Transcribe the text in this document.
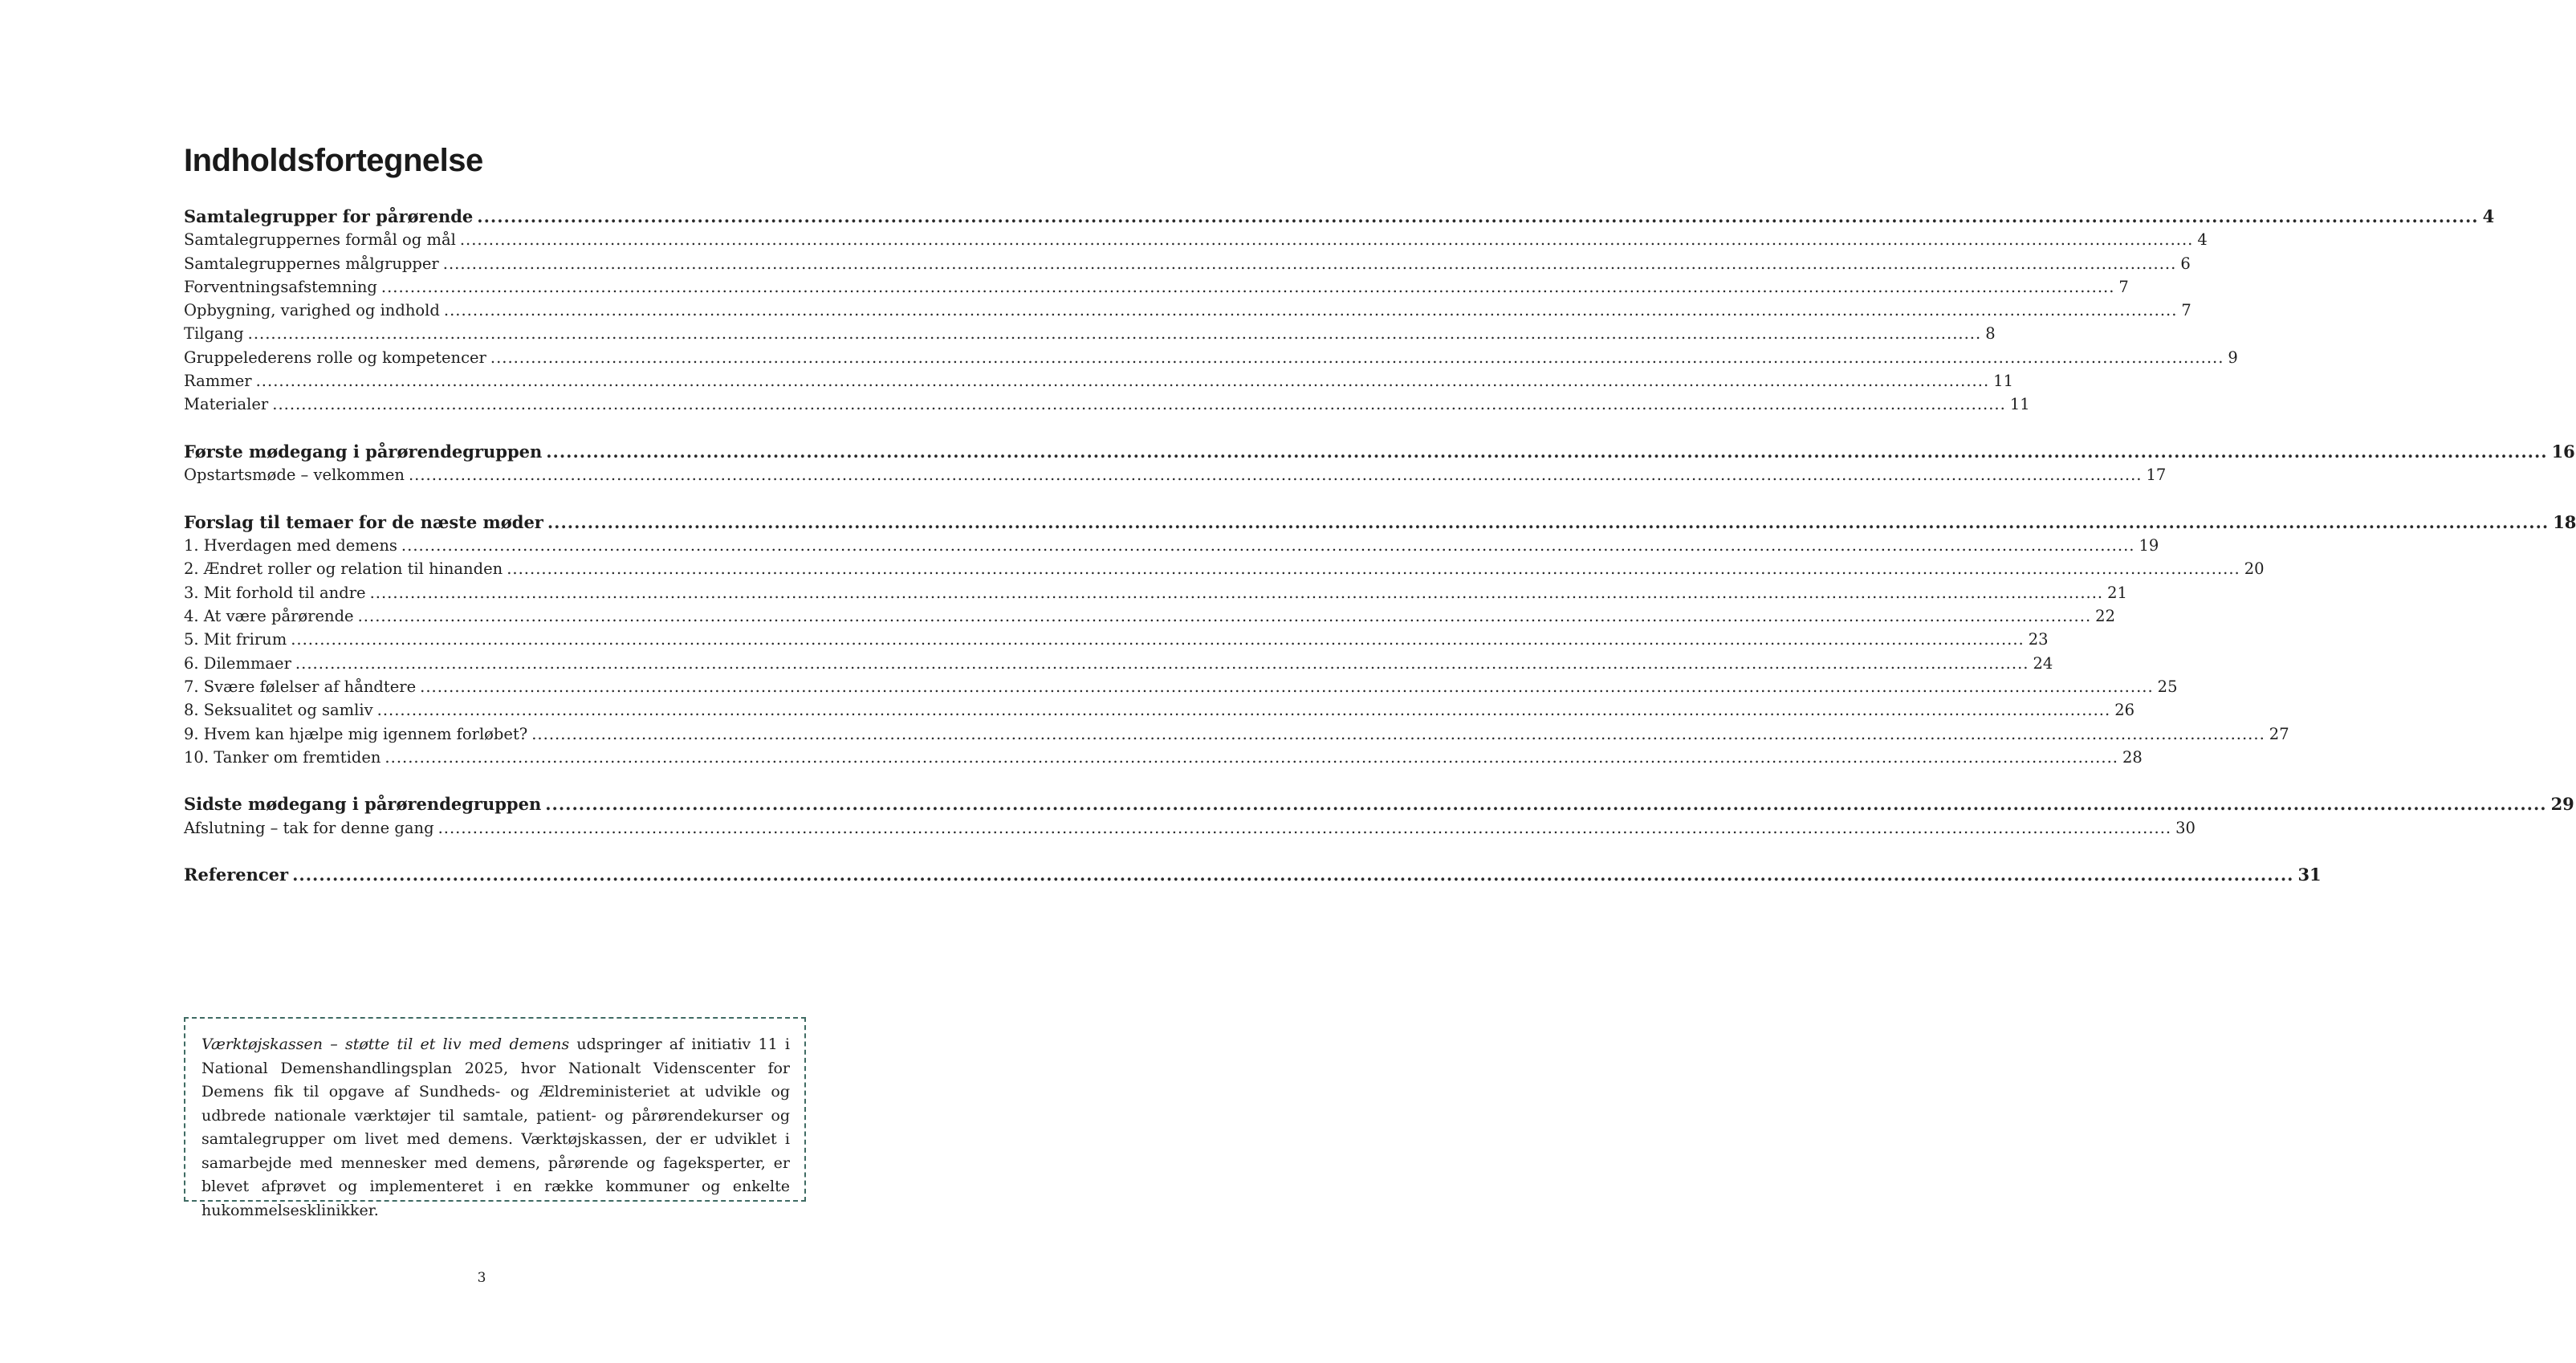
Indholdsfortegnelse
Samtalegrupper for pårørende ............................................................................................................................................................................................................................................................................................................ 4
Samtalegruppernes formål og mål ............................................................................................................................................................................................................................................................................................................ 4
Samtalegruppernes målgrupper ............................................................................................................................................................................................................................................................................................................ 6
Forventningsafstemning ............................................................................................................................................................................................................................................................................................................ 7
Opbygning, varighed og indhold ............................................................................................................................................................................................................................................................................................................ 7
Tilgang ............................................................................................................................................................................................................................................................................................................ 8
Gruppelederens rolle og kompetencer ............................................................................................................................................................................................................................................................................................................ 9
Rammer ............................................................................................................................................................................................................................................................................................................ 11
Materialer ............................................................................................................................................................................................................................................................................................................ 11
Første mødegang i pårørendegruppen ............................................................................................................................................................................................................................................................................................................ 16
Opstartsmøde – velkommen ............................................................................................................................................................................................................................................................................................................ 17
Forslag til temaer for de næste møder ............................................................................................................................................................................................................................................................................................................ 18
1. Hverdagen med demens ............................................................................................................................................................................................................................................................................................................ 19
2. Ændret roller og relation til hinanden ............................................................................................................................................................................................................................................................................................................ 20
3. Mit forhold til andre ............................................................................................................................................................................................................................................................................................................ 21
4. At være pårørende ............................................................................................................................................................................................................................................................................................................ 22
5. Mit frirum ............................................................................................................................................................................................................................................................................................................ 23
6. Dilemmaer ............................................................................................................................................................................................................................................................................................................ 24
7. Svære følelser af håndtere ............................................................................................................................................................................................................................................................................................................ 25
8. Seksualitet og samliv ............................................................................................................................................................................................................................................................................................................ 26
9. Hvem kan hjælpe mig igennem forløbet? ............................................................................................................................................................................................................................................................................................................ 27
10. Tanker om fremtiden ............................................................................................................................................................................................................................................................................................................ 28
Sidste mødegang i pårørendegruppen ............................................................................................................................................................................................................................................................................................................ 29
Afslutning – tak for denne gang ............................................................................................................................................................................................................................................................................................................ 30
Referencer ............................................................................................................................................................................................................................................................................................................ 31
Værktøjskassen – støtte til et liv med demens udspringer af initiativ 11 i National Demenshandlingsplan 2025, hvor Nationalt Videnscenter for Demens fik til opgave af Sundheds- og Ældreministeriet at udvikle og udbrede nationale værktøjer til samtale, patient- og pårørendekurser og samtalegrupper om livet med demens. Værktøjskassen, der er udviklet i samarbejde med mennesker med demens, pårørende og fageksperter, er blevet afprøvet og implementeret i en række kommuner og enkelte hukommelsesklinikker.
3
